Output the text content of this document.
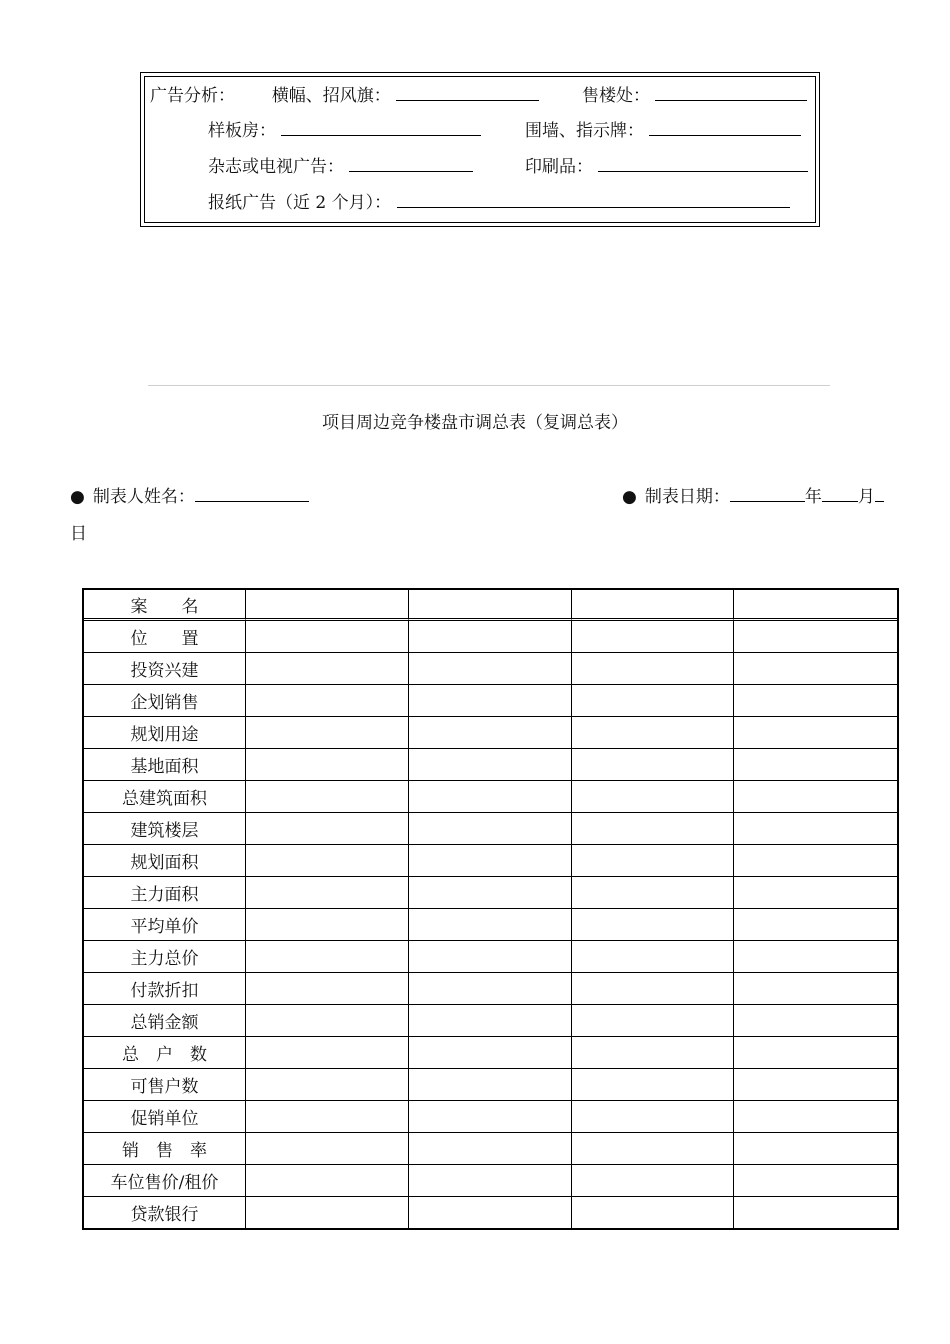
广告分析： 横幅、招风旗：	售楼处：
样板房：	围墙、指示牌：
杂志或电视广告：	印刷品：
报纸广告（近 2 个月）：
项目周边竞争楼盘市调总表（复调总表）
● 制表人姓名：	● 制表日期：	年 月
日
案　　名				
位　　置				
投资兴建				
企划销售				
规划用途				
基地面积				
总建筑面积				
建筑楼层				
规划面积				
主力面积				
平均单价				
主力总价				
付款折扣				
总销金额				
总　户　数				
可售户数				
促销单位				
销　售　率				
车位售价/租价				
贷款银行				
